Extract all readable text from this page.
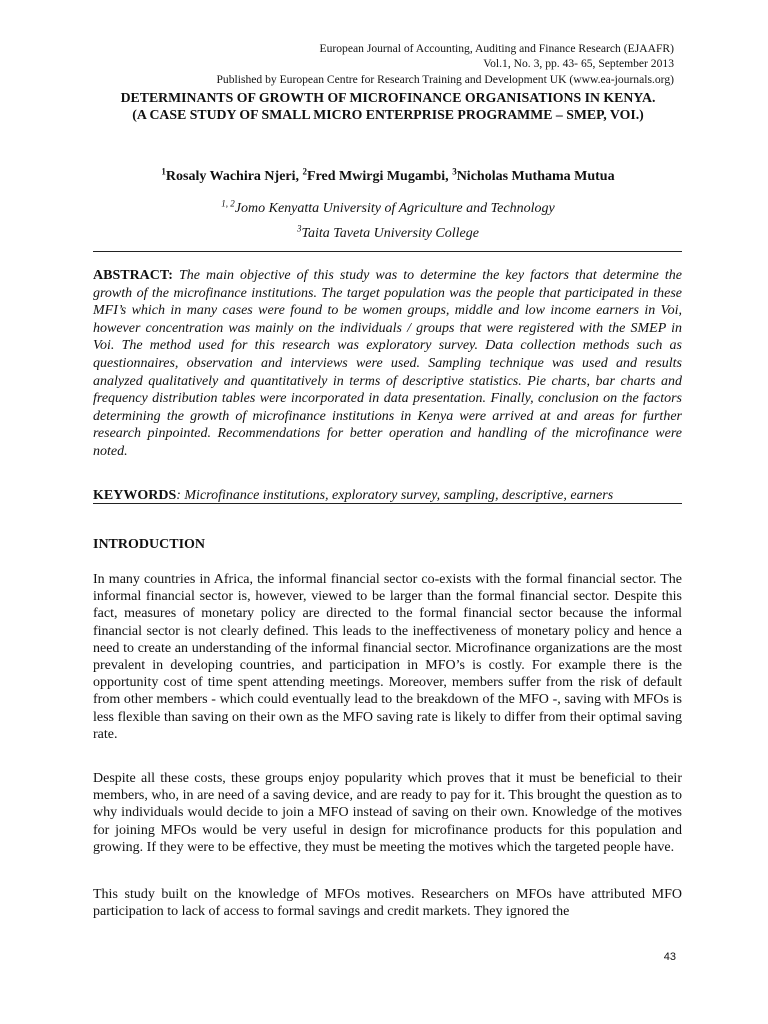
European Journal of Accounting, Auditing and Finance Research (EJAAFR)
Vol.1, No. 3, pp. 43- 65, September 2013
Published by European Centre for Research Training and Development UK (www.ea-journals.org)
DETERMINANTS OF GROWTH OF MICROFINANCE ORGANISATIONS IN KENYA.
(A CASE STUDY OF SMALL MICRO ENTERPRISE PROGRAMME – SMEP, VOI.)
$^1$Rosaly Wachira Njeri, $^2$Fred Mwirgi Mugambi, $^3$Nicholas Muthama Mutua
$^{1, 2}$Jomo Kenyatta University of Agriculture and Technology
$^3$Taita Taveta University College
ABSTRACT: The main objective of this study was to determine the key factors that determine the growth of the microfinance institutions. The target population was the people that participated in these MFI’s which in many cases were found to be women groups, middle and low income earners in Voi, however concentration was mainly on the individuals / groups that were registered with the SMEP in Voi. The method used for this research was exploratory survey. Data collection methods such as questionnaires, observation and interviews were used. Sampling technique was used and results analyzed qualitatively and quantitatively in terms of descriptive statistics. Pie charts, bar charts and frequency distribution tables were incorporated in data presentation. Finally, conclusion on the factors determining the growth of microfinance institutions in Kenya were arrived at and areas for further research pinpointed. Recommendations for better operation and handling of the microfinance were noted.
KEYWORDS: Microfinance institutions, exploratory survey, sampling, descriptive, earners
INTRODUCTION
In many countries in Africa, the informal financial sector co-exists with the formal financial sector. The informal financial sector is, however, viewed to be larger than the formal financial sector. Despite this fact, measures of monetary policy are directed to the formal financial sector because the informal financial sector is not clearly defined. This leads to the ineffectiveness of monetary policy and hence a need to create an understanding of the informal financial sector. Microfinance organizations are the most prevalent in developing countries, and participation in MFO’s is costly. For example there is the opportunity cost of time spent attending meetings. Moreover, members suffer from the risk of default from other members - which could eventually lead to the breakdown of the MFO -, saving with MFOs is less flexible than saving on their own as the MFO saving rate is likely to differ from their optimal saving rate.
Despite all these costs, these groups enjoy popularity which proves that it must be beneficial to their members, who, in are need of a saving device, and are ready to pay for it. This brought the question as to why individuals would decide to join a MFO instead of saving on their own. Knowledge of the motives for joining MFOs would be very useful in design for microfinance products for this population and growing. If they were to be effective, they must be meeting the motives which the targeted people have.
This study built on the knowledge of MFOs motives. Researchers on MFOs have attributed MFO participation to lack of access to formal savings and credit markets. They ignored the
43
